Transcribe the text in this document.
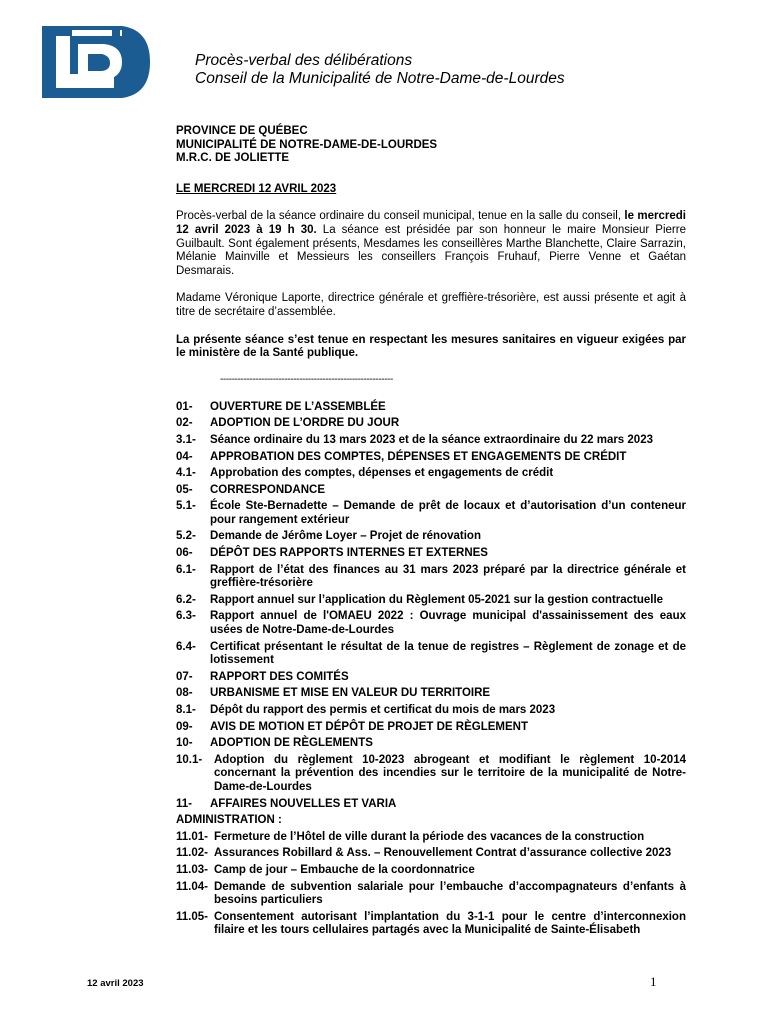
Procès-verbal des délibérations
Conseil de la Municipalité de Notre-Dame-de-Lourdes
PROVINCE DE QUÉBEC
MUNICIPALITÉ DE NOTRE-DAME-DE-LOURDES
M.R.C. DE JOLIETTE

LE MERCREDI 12 AVRIL 2023

Procès-verbal de la séance ordinaire du conseil municipal, tenue en la salle du conseil, le mercredi 12 avril 2023 à 19 h 30. La séance est présidée par son honneur le maire Monsieur Pierre Guilbault. Sont également présents, Mesdames les conseillères Marthe Blanchette, Claire Sarrazin, Mélanie Mainville et Messieurs les conseillers François Fruhauf, Pierre Venne et Gaétan Desmarais.

Madame Véronique Laporte, directrice générale et greffière-trésorière, est aussi présente et agit à titre de secrétaire d’assemblée.

La présente séance s’est tenue en respectant les mesures sanitaires en vigueur exigées par le ministère de la Santé publique.

-----------------------------------------------------------
01-	OUVERTURE DE L’ASSEMBLÉE
02-	ADOPTION DE L’ORDRE DU JOUR
3.1-	Séance ordinaire du 13 mars 2023 et de la séance extraordinaire du 22 mars 2023
04-	APPROBATION DES COMPTES, DÉPENSES ET ENGAGEMENTS DE CRÉDIT
4.1-	Approbation des comptes, dépenses et engagements de crédit
05-	CORRESPONDANCE
5.1-	École Ste-Bernadette – Demande de prêt de locaux et d’autorisation d’un conteneur pour rangement extérieur
5.2-	Demande de Jérôme Loyer – Projet de rénovation
06-	DÉPÔT DES RAPPORTS INTERNES ET EXTERNES
6.1-	Rapport de l’état des finances au 31 mars 2023 préparé par la directrice générale et greffière-trésorière
6.2-	Rapport annuel sur l’application du Règlement 05-2021 sur la gestion contractuelle
6.3-	Rapport annuel de l'OMAEU 2022 : Ouvrage municipal d'assainissement des eaux usées de Notre-Dame-de-Lourdes
6.4-	Certificat présentant le résultat de la tenue de registres – Règlement de zonage et de lotissement
07-	RAPPORT DES COMITÉS
08-	URBANISME ET MISE EN VALEUR DU TERRITOIRE
8.1-	Dépôt du rapport des permis et certificat du mois de mars 2023
09-	AVIS DE MOTION ET DÉPÔT DE PROJET DE RÈGLEMENT
10-	ADOPTION DE RÈGLEMENTS
10.1-	Adoption du règlement 10-2023 abrogeant et modifiant le règlement 10-2014 concernant la prévention des incendies sur le territoire de la municipalité de Notre-Dame-de-Lourdes
11-	AFFAIRES NOUVELLES ET VARIA
ADMINISTRATION :
11.01- Fermeture de l’Hôtel de ville durant la période des vacances de la construction
11.02- Assurances Robillard & Ass. – Renouvellement Contrat d’assurance collective 2023
11.03- Camp de jour – Embauche de la coordonnatrice
11.04- Demande de subvention salariale pour l’embauche d’accompagnateurs d’enfants à besoins particuliers
11.05- Consentement autorisant l’implantation du 3-1-1 pour le centre d’interconnexion filaire et les tours cellulaires partagés avec la Municipalité de Sainte-Élisabeth
12 avril 2023	1
